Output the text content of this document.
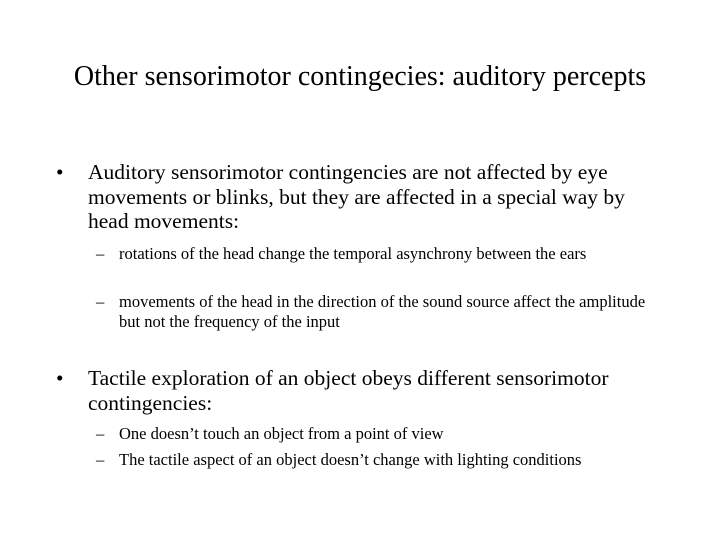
Other sensorimotor contingecies: auditory percepts
• Auditory sensorimotor contingencies are not affected by eye movements or blinks, but they are affected in a special way by head movements:
– rotations of the head change the temporal asynchrony between the ears
– movements of the head in the direction of the sound source affect the amplitude but not the frequency of the input
• Tactile exploration of an object obeys different sensorimotor contingencies:
– One doesn’t touch an object from a point of view
– The tactile aspect of an object doesn’t change with lighting conditions
